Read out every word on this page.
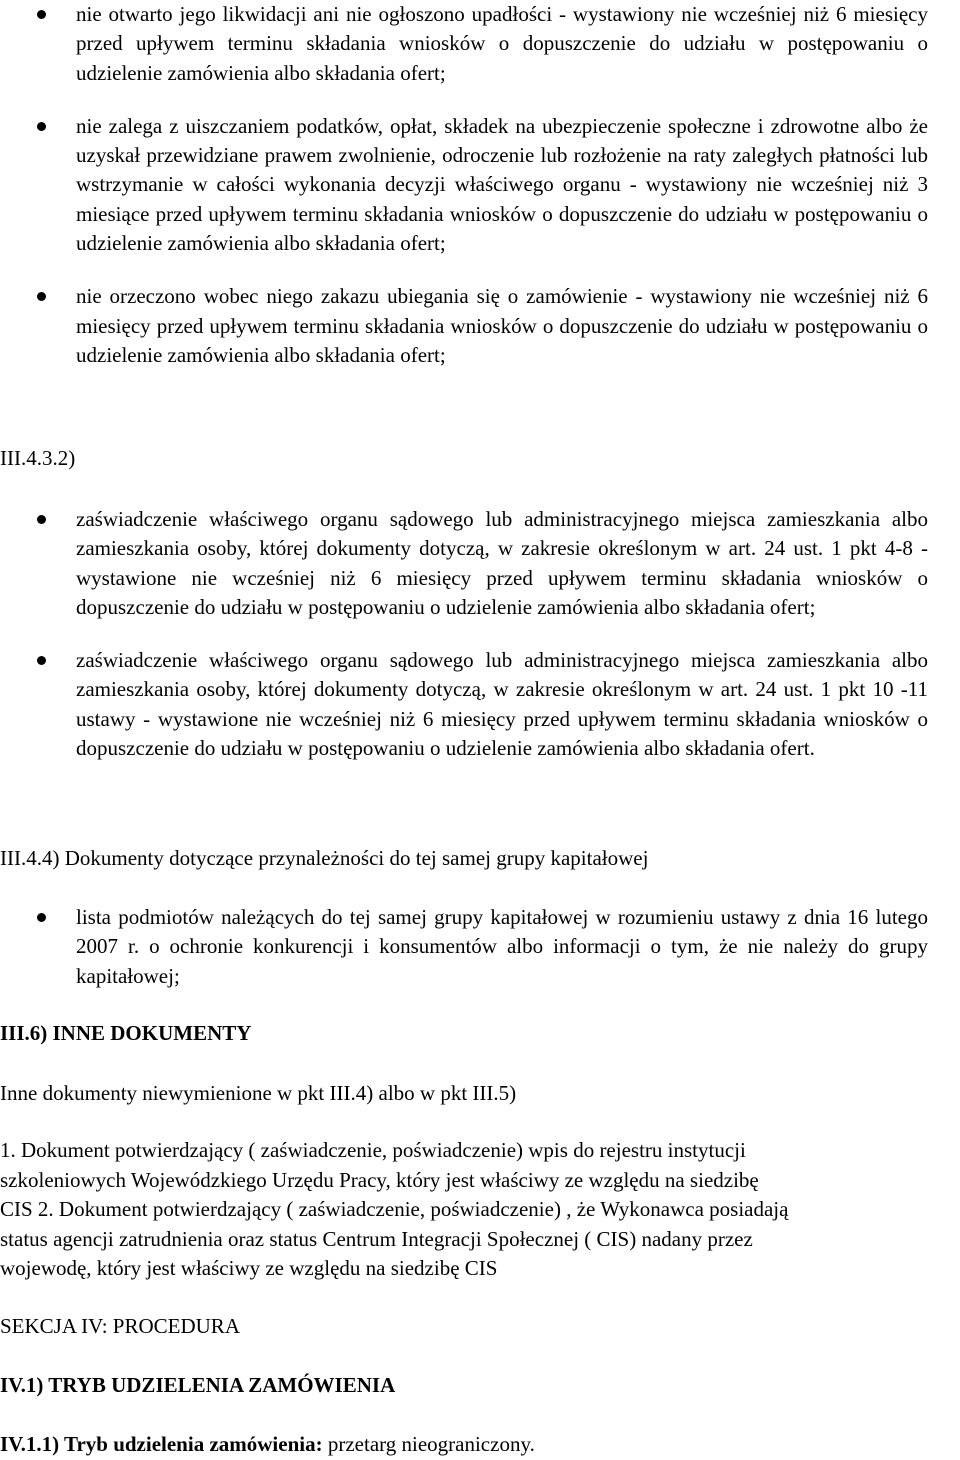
nie otwarto jego likwidacji ani nie ogłoszono upadłości - wystawiony nie wcześniej niż 6 miesięcy przed upływem terminu składania wniosków o dopuszczenie do udziału w postępowaniu o udzielenie zamówienia albo składania ofert;
nie zalega z uiszczaniem podatków, opłat, składek na ubezpieczenie społeczne i zdrowotne albo że uzyskał przewidziane prawem zwolnienie, odroczenie lub rozłożenie na raty zaległych płatności lub wstrzymanie w całości wykonania decyzji właściwego organu - wystawiony nie wcześniej niż 3 miesiące przed upływem terminu składania wniosków o dopuszczenie do udziału w postępowaniu o udzielenie zamówienia albo składania ofert;
nie orzeczono wobec niego zakazu ubiegania się o zamówienie - wystawiony nie wcześniej niż 6 miesięcy przed upływem terminu składania wniosków o dopuszczenie do udziału w postępowaniu o udzielenie zamówienia albo składania ofert;
III.4.3.2)
zaświadczenie właściwego organu sądowego lub administracyjnego miejsca zamieszkania albo zamieszkania osoby, której dokumenty dotyczą, w zakresie określonym w art. 24 ust. 1 pkt 4-8 - wystawione nie wcześniej niż 6 miesięcy przed upływem terminu składania wniosków o dopuszczenie do udziału w postępowaniu o udzielenie zamówienia albo składania ofert;
zaświadczenie właściwego organu sądowego lub administracyjnego miejsca zamieszkania albo zamieszkania osoby, której dokumenty dotyczą, w zakresie określonym w art. 24 ust. 1 pkt 10 -11 ustawy - wystawione nie wcześniej niż 6 miesięcy przed upływem terminu składania wniosków o dopuszczenie do udziału w postępowaniu o udzielenie zamówienia albo składania ofert.
III.4.4) Dokumenty dotyczące przynależności do tej samej grupy kapitałowej
lista podmiotów należących do tej samej grupy kapitałowej w rozumieniu ustawy z dnia 16 lutego 2007 r. o ochronie konkurencji i konsumentów albo informacji o tym, że nie należy do grupy kapitałowej;
III.6) INNE DOKUMENTY
Inne dokumenty niewymienione w pkt III.4) albo w pkt III.5)
1. Dokument potwierdzający ( zaświadczenie, poświadczenie) wpis do rejestru instytucji
szkoleniowych Wojewódzkiego Urzędu Pracy, który jest właściwy ze względu na siedzibę
CIS 2. Dokument potwierdzający ( zaświadczenie, poświadczenie) , że Wykonawca posiadają
status agencji zatrudnienia oraz status Centrum Integracji Społecznej ( CIS) nadany przez
wojewodę, który jest właściwy ze względu na siedzibę CIS
SEKCJA IV: PROCEDURA
IV.1) TRYB UDZIELENIA ZAMÓWIENIA
IV.1.1) Tryb udzielenia zamówienia: przetarg nieograniczony.
